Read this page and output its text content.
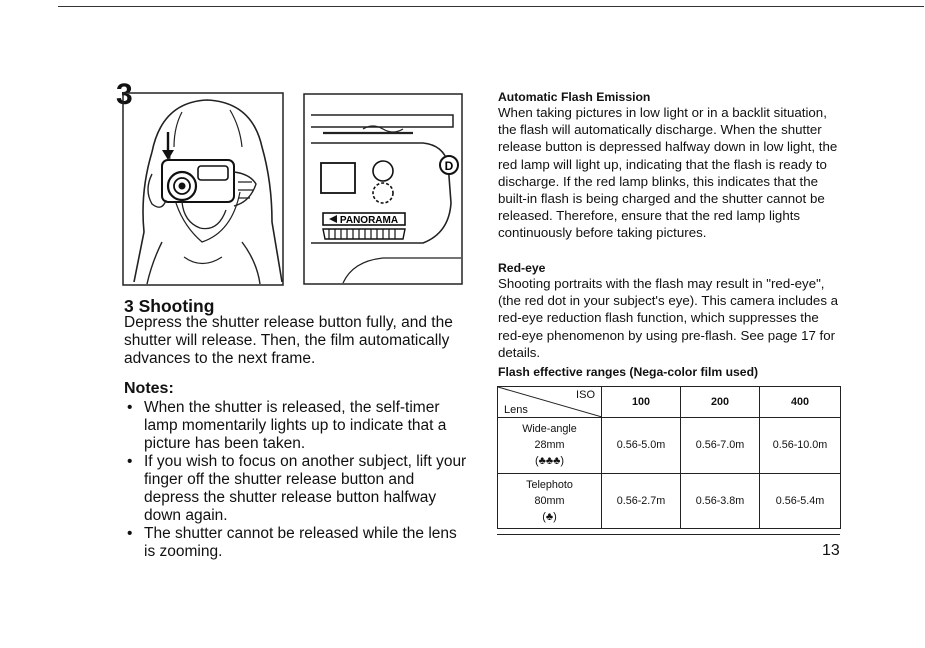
3
D
PANORAMA
3 Shooting

Depress the shutter release button fully, and the shutter will release. Then, the film automatically advances to the next frame.

Notes:
• When the shutter is released, the self-timer lamp momentarily lights up to indicate that a picture has been taken.
• If you wish to focus on another subject, lift your finger off the shutter release button and depress the shutter release button halfway down again.
• The shutter cannot be released while the lens is zooming.
Automatic Flash Emission

When taking pictures in low light or in a backlit situation, the flash will automatically discharge. When the shutter release button is depressed halfway down in low light, the red lamp will light up, indicating that the flash is ready to discharge. If the red lamp blinks, this indicates that the built-in flash is being charged and the shutter cannot be released. Therefore, ensure that the red lamp lights continuously before taking pictures.

Red-eye

Shooting portraits with the flash may result in "red-eye", (the red dot in your subject's eye). This camera includes a red-eye reduction flash function, which suppresses the red-eye phenomenon by using pre-flash. See page 17 for details.

Flash effective ranges (Nega-color film used)
ISO
Lens	100	200	400

Wide-angle
28mm
(♣♣♣)	0.56-5.0m	0.56-7.0m	0.56-10.0m

Telephoto
80mm
(♣)	0.56-2.7m	0.56-3.8m	0.56-5.4m
13
